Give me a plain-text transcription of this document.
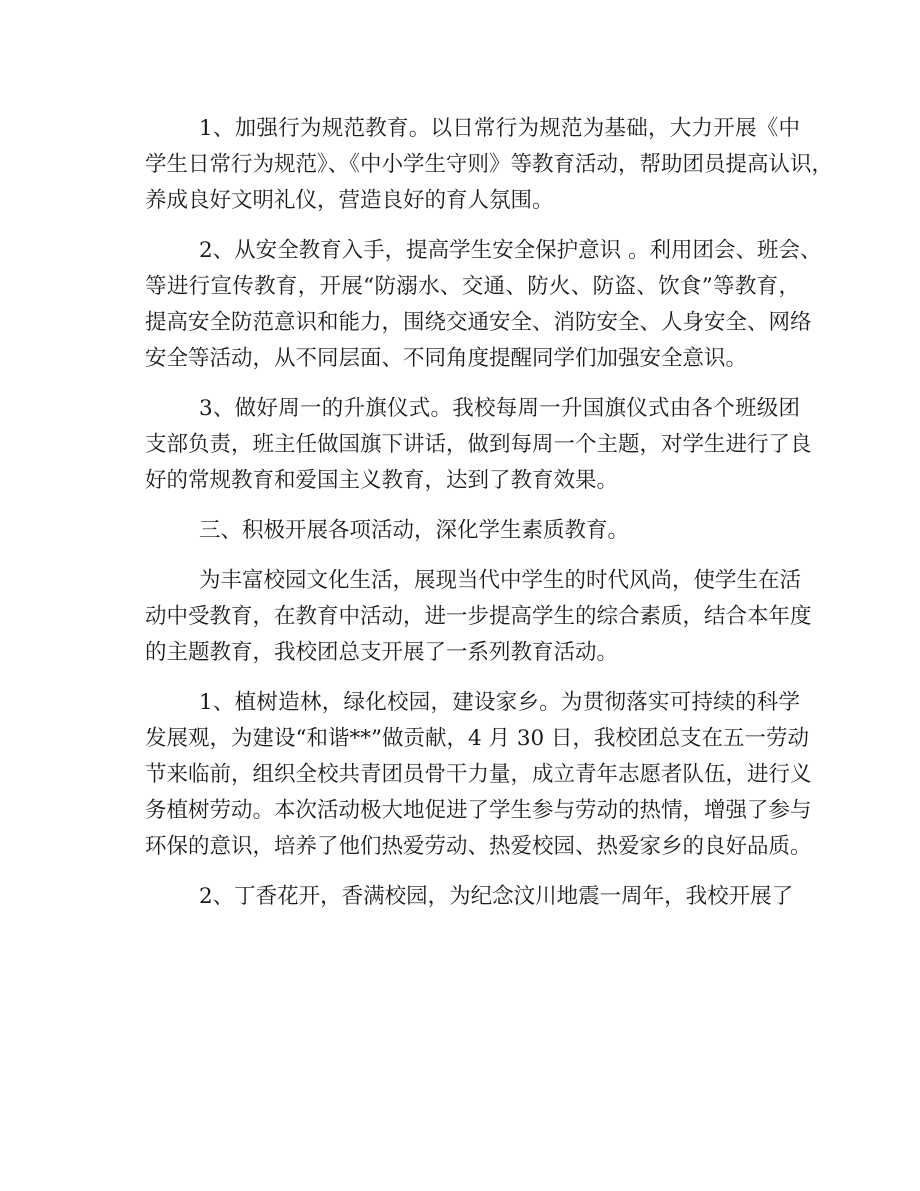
1、加强行为规范教育。以日常行为规范为基础，大力开展《中
学生日常行为规范》、《中小学生守则》等教育活动，帮助团员提高认识，
养成良好文明礼仪，营造良好的育人氛围。

2、从安全教育入手，提高学生安全保护意识 。利用团会、班会、
等进行宣传教育，开展“防溺水、交通、防火、防盗、饮食”等教育，
提高安全防范意识和能力，围绕交通安全、消防安全、人身安全、网络
安全等活动，从不同层面、不同角度提醒同学们加强安全意识。

3、做好周一的升旗仪式。我校每周一升国旗仪式由各个班级团
支部负责，班主任做国旗下讲话，做到每周一个主题，对学生进行了良
好的常规教育和爱国主义教育，达到了教育效果。

三、积极开展各项活动，深化学生素质教育。

为丰富校园文化生活，展现当代中学生的时代风尚，使学生在活
动中受教育，在教育中活动，进一步提高学生的综合素质，结合本年度
的主题教育，我校团总支开展了一系列教育活动。

1、植树造林，绿化校园，建设家乡。为贯彻落实可持续的科学
发展观，为建设“和谐**”做贡献，4 月 30 日，我校团总支在五一劳动
节来临前，组织全校共青团员骨干力量，成立青年志愿者队伍，进行义
务植树劳动。本次活动极大地促进了学生参与劳动的热情，增强了参与
环保的意识，培养了他们热爱劳动、热爱校园、热爱家乡的良好品质。

2、丁香花开，香满校园，为纪念汶川地震一周年，我校开展了
